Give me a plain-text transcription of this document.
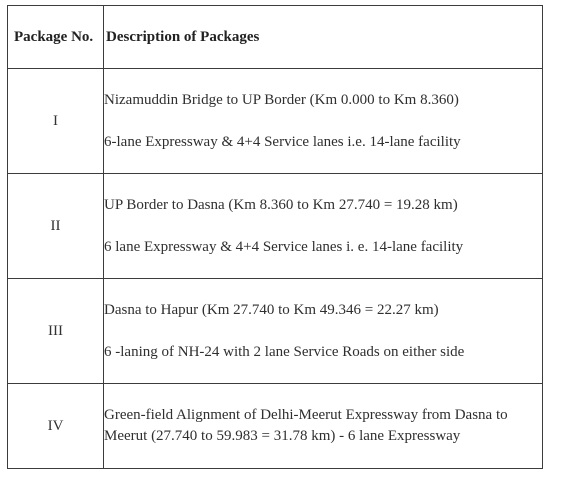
Package No.	Description of Packages
I	Nizamuddin Bridge to UP Border (Km 0.000 to Km 8.360)
6-lane Expressway & 4+4 Service lanes i.e. 14-lane facility

II	UP Border to Dasna (Km 8.360 to Km 27.740 = 19.28 km)
6 lane Expressway & 4+4 Service lanes i. e. 14-lane facility

III	Dasna to Hapur (Km 27.740 to Km 49.346 = 22.27 km)
6 -laning of NH-24 with 2 lane Service Roads on either side

IV	Green-field Alignment of Delhi-Meerut Expressway from Dasna to
Meerut (27.740 to 59.983 = 31.78 km) - 6 lane Expressway
